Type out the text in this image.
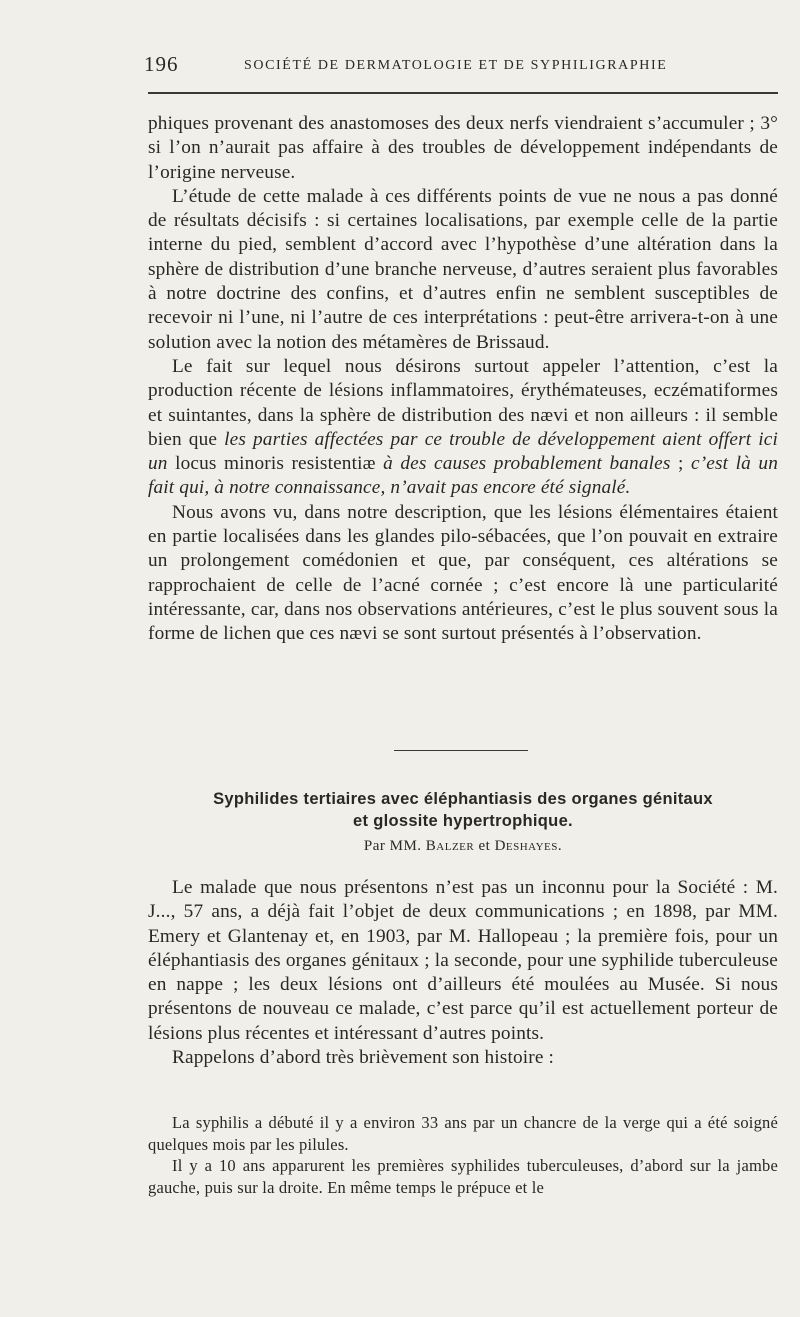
196	SOCIÉTÉ DE DERMATOLOGIE ET DE SYPHILIGRAPHIE

phiques provenant des anastomoses des deux nerfs viendraient s’accumuler ; 3° si l’on n’aurait pas affaire à des troubles de développement indépendants de l’origine nerveuse.

L’étude de cette malade à ces différents points de vue ne nous a pas donné de résultats décisifs : si certaines localisations, par exemple celle de la partie interne du pied, semblent d’accord avec l’hypothèse d’une altération dans la sphère de distribution d’une branche nerveuse, d’autres seraient plus favorables à notre doctrine des confins, et d’autres enfin ne semblent susceptibles de recevoir ni l’une, ni l’autre de ces interprétations : peut-être arrivera-t-on à une solution avec la notion des métamères de Brissaud.

Le fait sur lequel nous désirons surtout appeler l’attention, c’est la production récente de lésions inflammatoires, érythémateuses, eczématiformes et suintantes, dans la sphère de distribution des nævi et non ailleurs : il semble bien que les parties affectées par ce trouble de développement aient offert ici un locus minoris resistentiæ à des causes probablement banales ; c’est là un fait qui, à notre connaissance, n’avait pas encore été signalé.

Nous avons vu, dans notre description, que les lésions élémentaires étaient en partie localisées dans les glandes pilo-sébacées, que l’on pouvait en extraire un prolongement comédonien et que, par conséquent, ces altérations se rapprochaient de celle de l’acné cornée ; c’est encore là une particularité intéressante, car, dans nos observations antérieures, c’est le plus souvent sous la forme de lichen que ces nævi se sont surtout présentés à l’observation.

Syphilides tertiaires avec éléphantiasis des organes génitaux
et glossite hypertrophique.
Par MM. Balzer et Deshayes.

Le malade que nous présentons n’est pas un inconnu pour la Société : M. J..., 57 ans, a déjà fait l’objet de deux communications ; en 1898, par MM. Emery et Glantenay et, en 1903, par M. Hallopeau ; la première fois, pour un éléphantiasis des organes génitaux ; la seconde, pour une syphilide tuberculeuse en nappe ; les deux lésions ont d’ailleurs été moulées au Musée. Si nous présentons de nouveau ce malade, c’est parce qu’il est actuellement porteur de lésions plus récentes et intéressant d’autres points.

Rappelons d’abord très brièvement son histoire :

La syphilis a débuté il y a environ 33 ans par un chancre de la verge qui a été soigné quelques mois par les pilules.

Il y a 10 ans apparurent les premières syphilides tuberculeuses, d’abord sur la jambe gauche, puis sur la droite. En même temps le prépuce et le
